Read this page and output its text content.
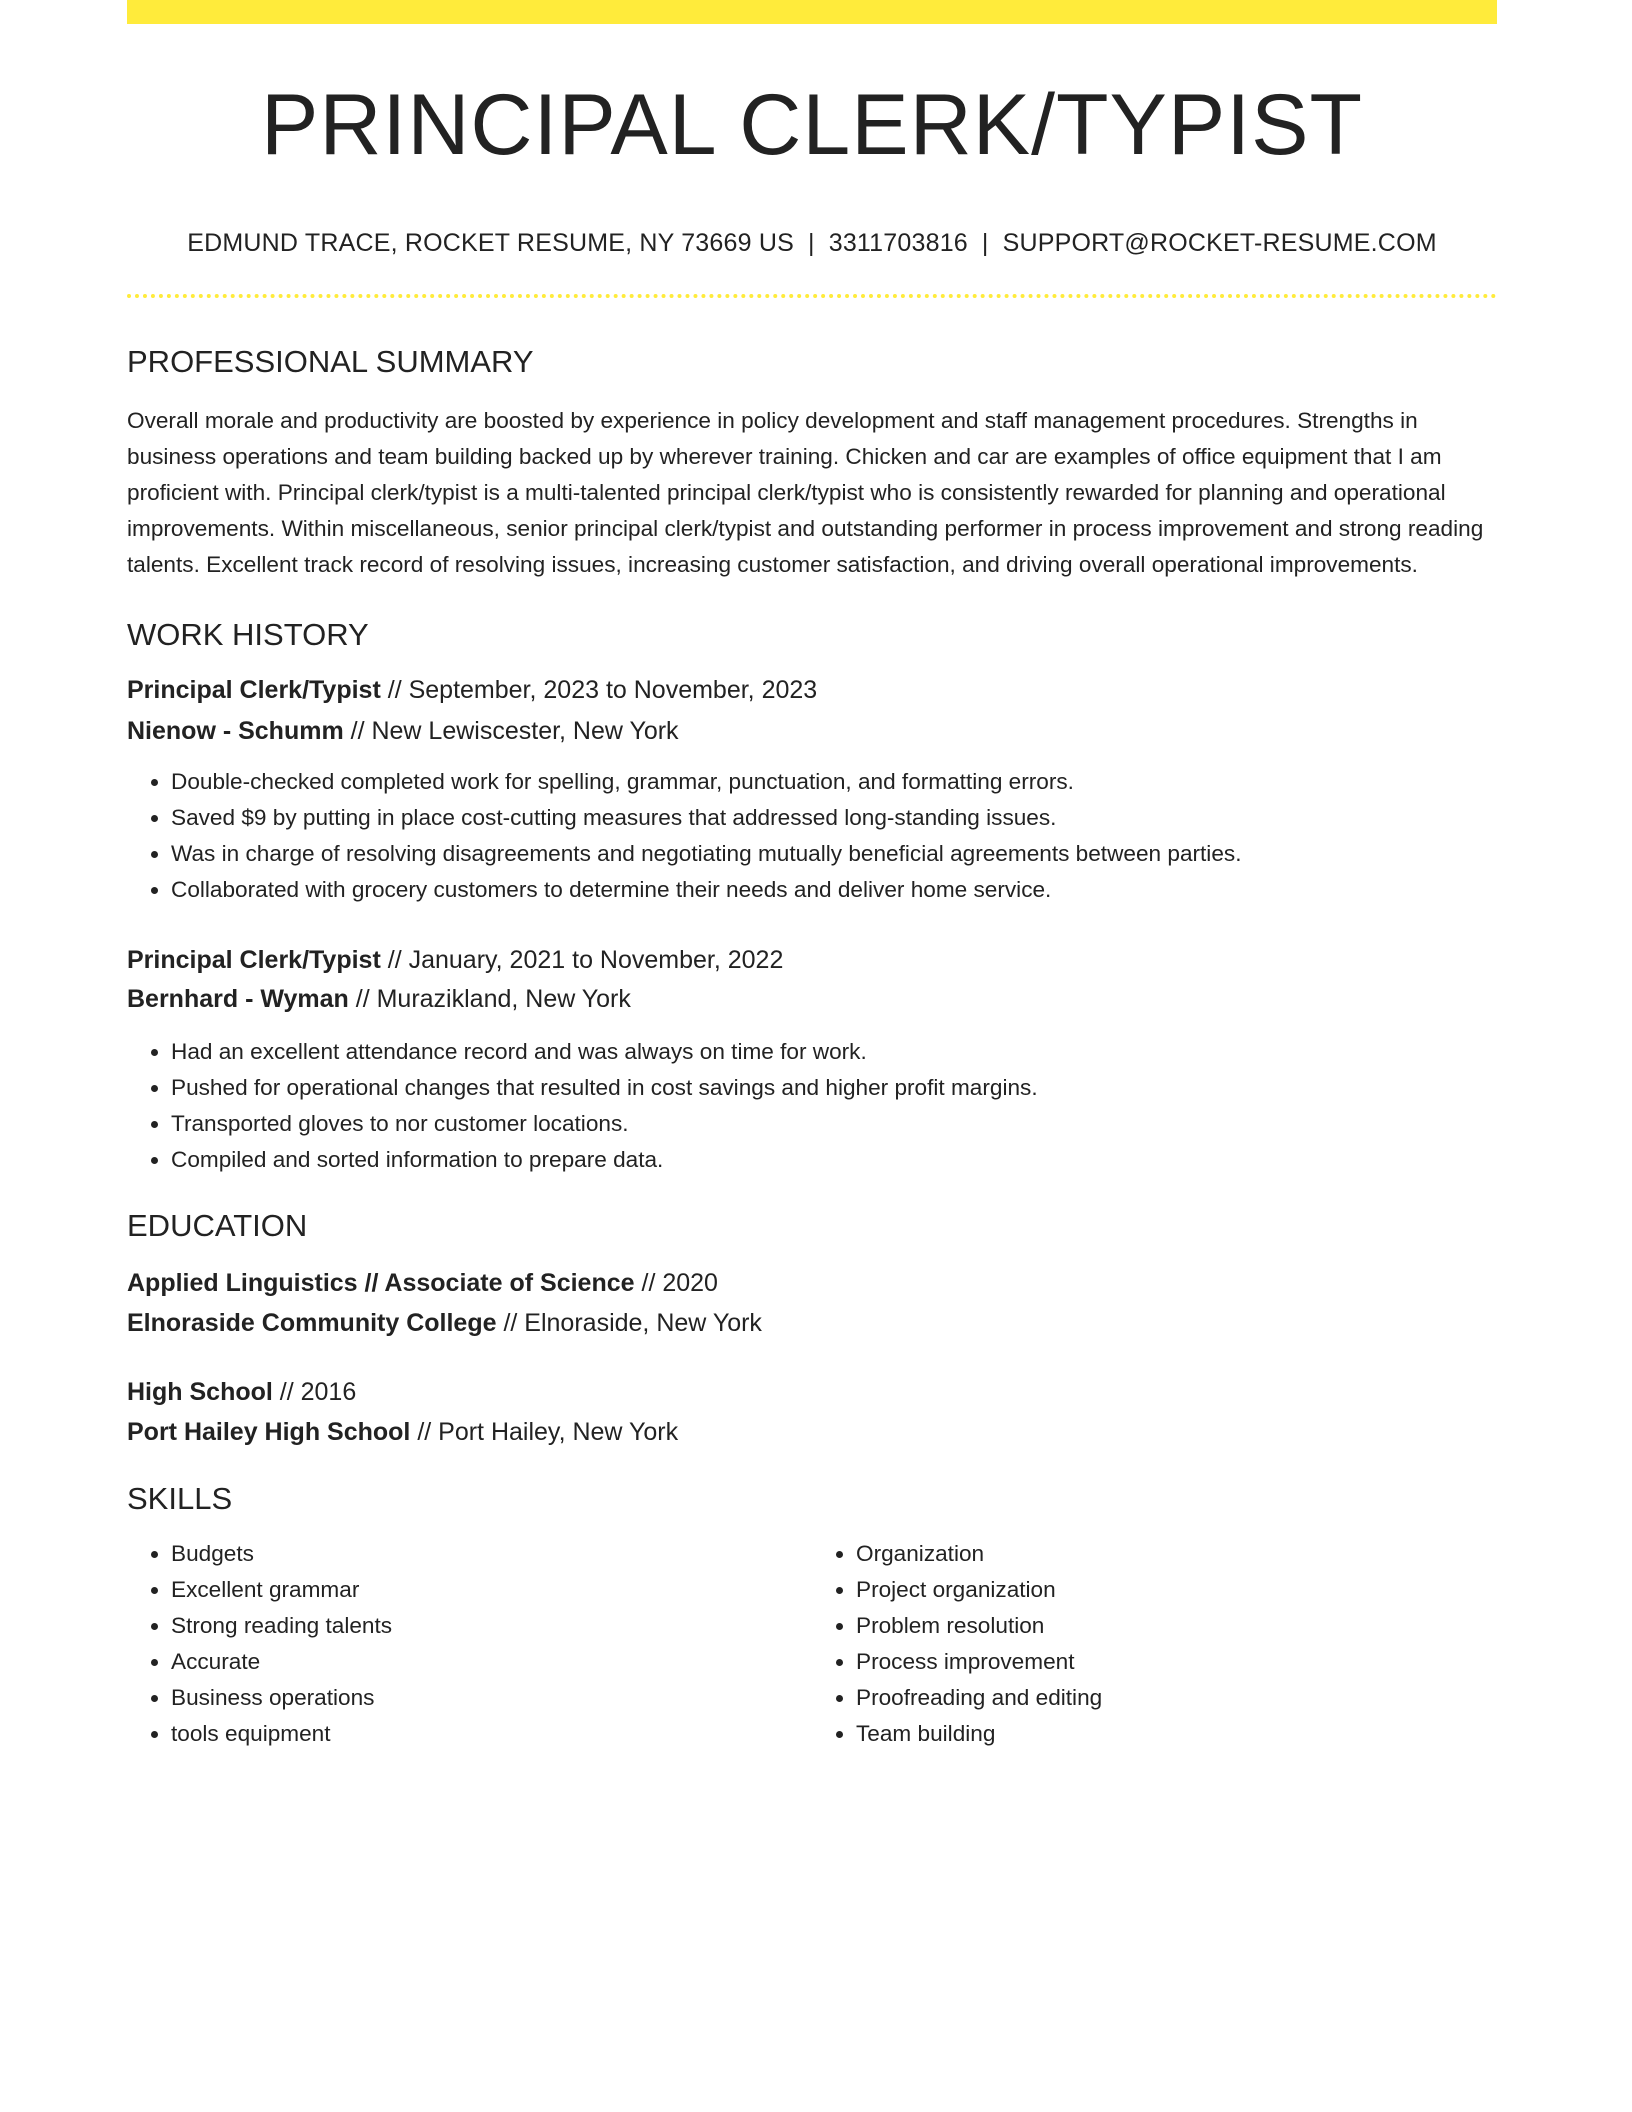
PRINCIPAL CLERK/TYPIST
EDMUND TRACE, ROCKET RESUME, NY 73669 US | 3311703816 | SUPPORT@ROCKET-RESUME.COM
PROFESSIONAL SUMMARY

Overall morale and productivity are boosted by experience in policy development and staff management procedures. Strengths in business operations and team building backed up by wherever training. Chicken and car are examples of office equipment that I am proficient with. Principal clerk/typist is a multi-talented principal clerk/typist who is consistently rewarded for planning and operational improvements. Within miscellaneous, senior principal clerk/typist and outstanding performer in process improvement and strong reading talents. Excellent track record of resolving issues, increasing customer satisfaction, and driving overall operational improvements.

WORK HISTORY

Principal Clerk/Typist // September, 2023 to November, 2023

Nienow - Schumm // New Lewiscester, New York

• Double-checked completed work for spelling, grammar, punctuation, and formatting errors.
• Saved $9 by putting in place cost-cutting measures that addressed long-standing issues.
• Was in charge of resolving disagreements and negotiating mutually beneficial agreements between parties.
• Collaborated with grocery customers to determine their needs and deliver home service.

Principal Clerk/Typist // January, 2021 to November, 2022

Bernhard - Wyman // Murazikland, New York

• Had an excellent attendance record and was always on time for work.
• Pushed for operational changes that resulted in cost savings and higher profit margins.
• Transported gloves to nor customer locations.
• Compiled and sorted information to prepare data.
EDUCATION

Applied Linguistics // Associate of Science // 2020

Elnoraside Community College // Elnoraside, New York

High School // 2016

Port Hailey High School // Port Hailey, New York

SKILLS
• Budgets
• Excellent grammar
• Strong reading talents
• Accurate
• Business operations
• tools equipment
• Organization
• Project organization
• Problem resolution
• Process improvement
• Proofreading and editing
• Team building
